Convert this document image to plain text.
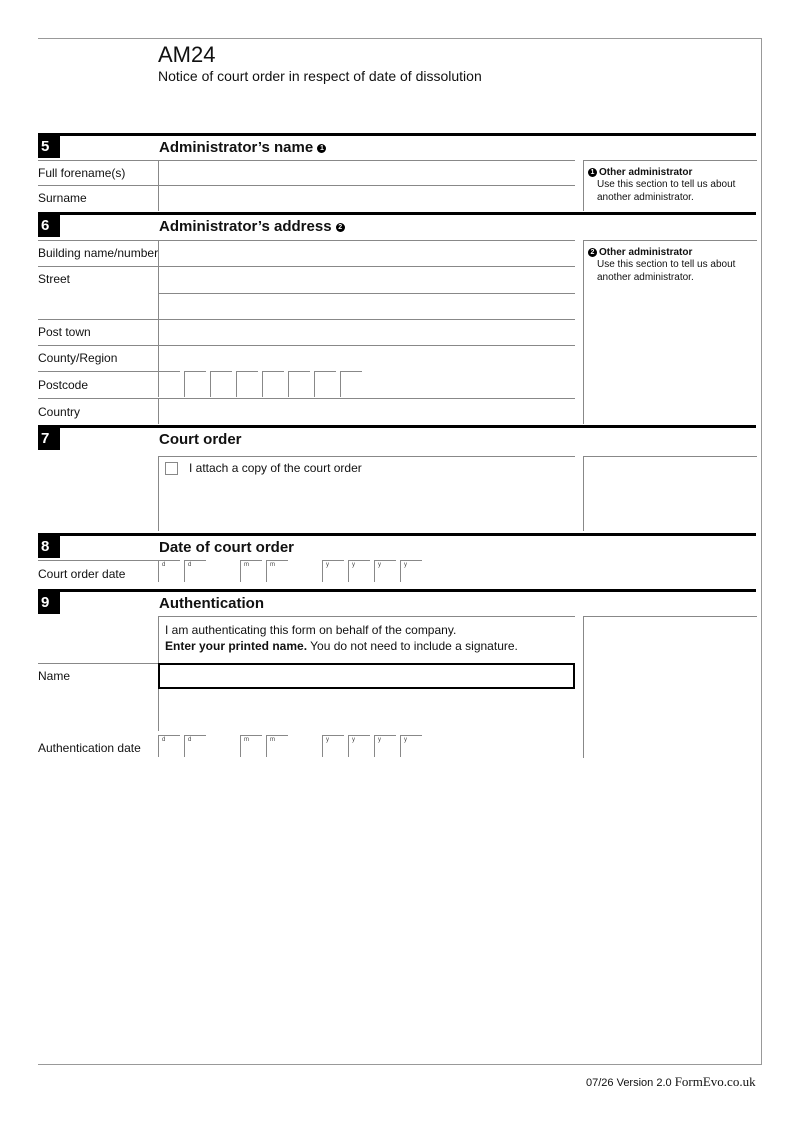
AM24
Notice of court order in respect of date of dissolution
5	Administrator’s name 1
Full forename(s)
Surname
1 Other administrator
Use this section to tell us about another administrator.
6	Administrator’s address 2
Building name/number
Street
Post town
County/Region
Postcode
Country
2 Other administrator
Use this section to tell us about another administrator.
7	Court order
I attach a copy of the court order
8	Date of court order
Court order date
d	d	m	m	y	y	y	y
9	Authentication
I am authenticating this form on behalf of the company.
Enter your printed name. You do not need to include a signature.
Name
Authentication date
d	d	m	m	y	y	y	y
07/26 Version 2.0 FormEvo.co.uk
